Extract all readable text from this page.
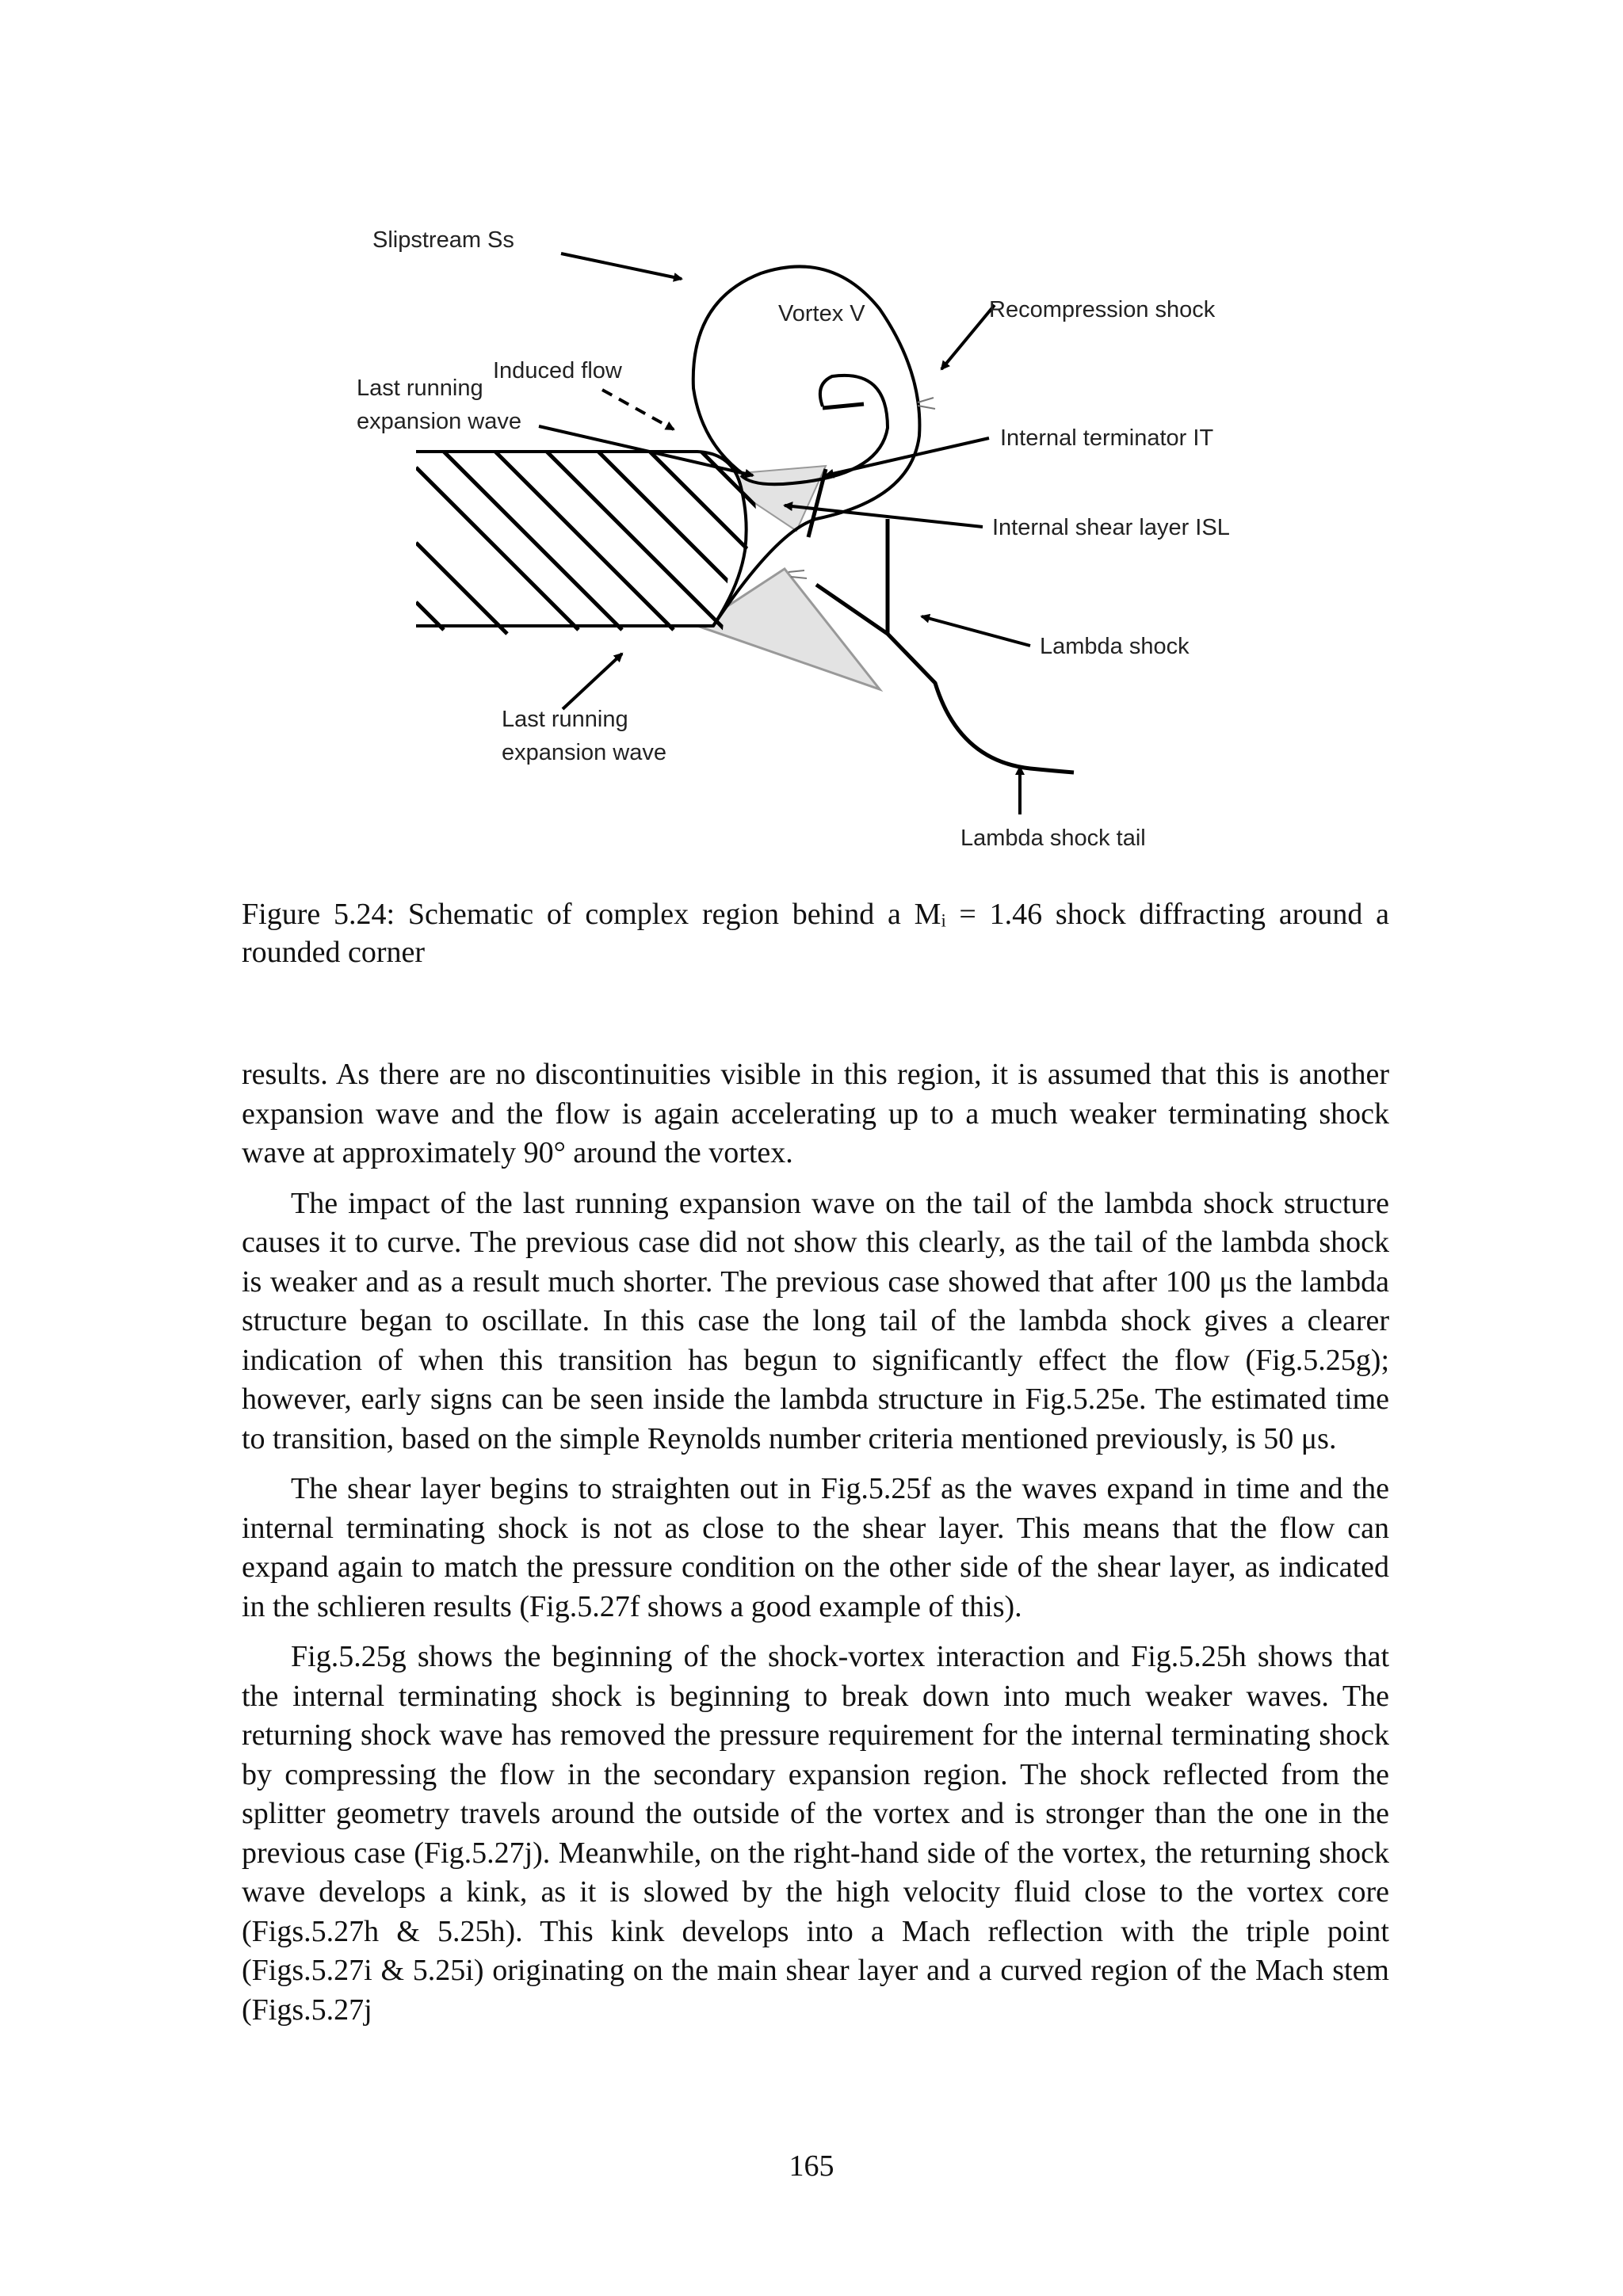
Slipstream Ss
Vortex V	Recompression shock
Induced flow
Last running
expansion wave
Internal terminator IT
Internal shear layer ISL
Lambda shock
Last running
expansion wave
Lambda shock tail
Figure 5.24: Schematic of complex region behind a Mᵢ = 1.46 shock diffracting around a rounded corner

results. As there are no discontinuities visible in this region, it is assumed that this is another expansion wave and the flow is again accelerating up to a much weaker terminating shock wave at approximately 90° around the vortex.

The impact of the last running expansion wave on the tail of the lambda shock structure causes it to curve. The previous case did not show this clearly, as the tail of the lambda shock is weaker and as a result much shorter. The previous case showed that after 100 μs the lambda structure began to oscillate. In this case the long tail of the lambda shock gives a clearer indication of when this transition has begun to significantly effect the flow (Fig.5.25g); however, early signs can be seen inside the lambda structure in Fig.5.25e. The estimated time to transition, based on the simple Reynolds number criteria mentioned previously, is 50 μs.

The shear layer begins to straighten out in Fig.5.25f as the waves expand in time and the internal terminating shock is not as close to the shear layer. This means that the flow can expand again to match the pressure condition on the other side of the shear layer, as indicated in the schlieren results (Fig.5.27f shows a good example of this).

Fig.5.25g shows the beginning of the shock-vortex interaction and Fig.5.25h shows that the internal terminating shock is beginning to break down into much weaker waves. The returning shock wave has removed the pressure requirement for the internal terminating shock by compressing the flow in the secondary expansion region. The shock reflected from the splitter geometry travels around the outside of the vortex and is stronger than the one in the previous case (Fig.5.27j). Meanwhile, on the right-hand side of the vortex, the returning shock wave develops a kink, as it is slowed by the high velocity fluid close to the vortex core (Figs.5.27h & 5.25h). This kink develops into a Mach reflection with the triple point (Figs.5.27i & 5.25i) originating on the main shear layer and a curved region of the Mach stem (Figs.5.27j

165
